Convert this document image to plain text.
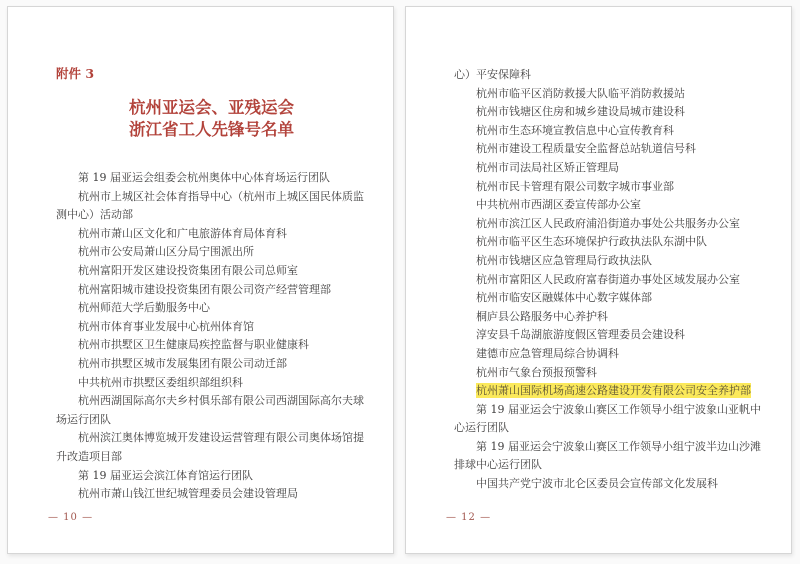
附件 3
杭州亚运会、亚残运会
浙江省工人先锋号名单

第 19 届亚运会组委会杭州奥体中心体育场运行团队

杭州市上城区社会体育指导中心（杭州市上城区国民体质监测中心）活动部

杭州市萧山区文化和广电旅游体育局体育科

杭州市公安局萧山区分局宁围派出所

杭州富阳开发区建设投资集团有限公司总师室

杭州富阳城市建设投资集团有限公司资产经营管理部

杭州师范大学后勤服务中心

杭州市体育事业发展中心杭州体育馆

杭州市拱墅区卫生健康局疾控监督与职业健康科

杭州市拱墅区城市发展集团有限公司动迁部

中共杭州市拱墅区委组织部组织科

杭州西湖国际高尔夫乡村俱乐部有限公司西湖国际高尔夫球场运行团队

杭州滨江奥体博览城开发建设运营管理有限公司奥体场馆提升改造项目部

第 19 届亚运会滨江体育馆运行团队

杭州市萧山钱江世纪城管理委员会建设管理局

— 10 —

心）平安保障科

杭州市临平区消防救援大队临平消防救援站

杭州市钱塘区住房和城乡建设局城市建设科

杭州市生态环境宣教信息中心宣传教育科

杭州市建设工程质量安全监督总站轨道信号科

杭州市司法局社区矫正管理局

杭州市民卡管理有限公司数字城市事业部

中共杭州市西湖区委宣传部办公室

杭州市滨江区人民政府浦沿街道办事处公共服务办公室

杭州市临平区生态环境保护行政执法队东湖中队

杭州市钱塘区应急管理局行政执法队

杭州市富阳区人民政府富春街道办事处区域发展办公室

杭州市临安区融媒体中心数字媒体部

桐庐县公路服务中心养护科

淳安县千岛湖旅游度假区管理委员会建设科

建德市应急管理局综合协调科

杭州市气象台预报预警科

杭州萧山国际机场高速公路建设开发有限公司安全养护部

第 19 届亚运会宁波象山赛区工作领导小组宁波象山亚帆中心运行团队

第 19 届亚运会宁波象山赛区工作领导小组宁波半边山沙滩排球中心运行团队

中国共产党宁波市北仑区委员会宣传部文化发展科

— 12 —
